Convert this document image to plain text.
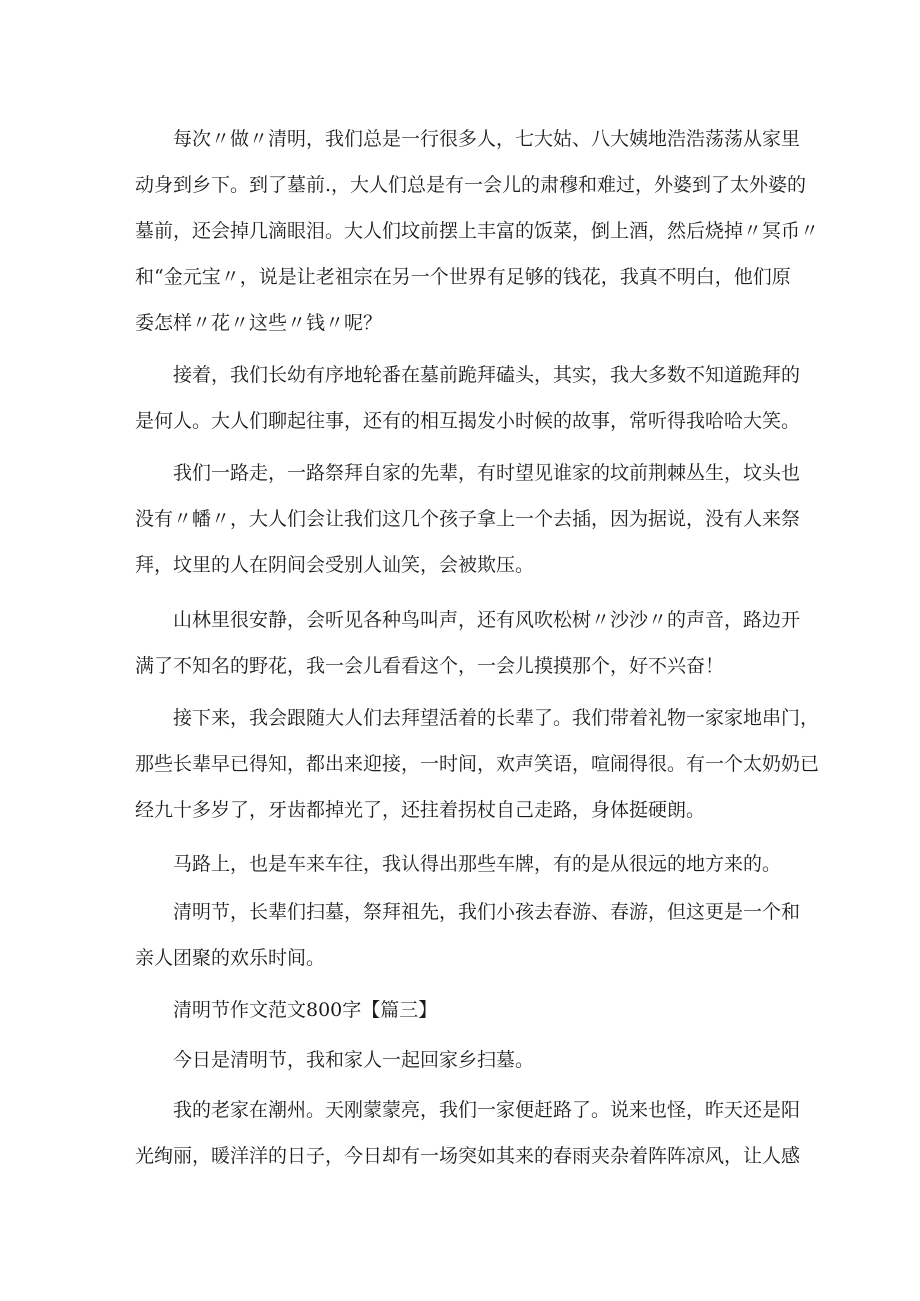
每次〃做〃清明，我们总是一行很多人，七大姑、八大姨地浩浩荡荡从家里
动身到乡下。到了墓前.，大人们总是有一会儿的肃穆和难过，外婆到了太外婆的
墓前，还会掉几滴眼泪。大人们坟前摆上丰富的饭菜，倒上酒，然后烧掉〃冥币〃
和“金元宝〃，说是让老祖宗在另一个世界有足够的钱花，我真不明白，他们原
委怎样〃花〃这些〃钱〃呢？

接着，我们长幼有序地轮番在墓前跪拜磕头，其实，我大多数不知道跪拜的
是何人。大人们聊起往事，还有的相互揭发小时候的故事，常听得我哈哈大笑。

我们一路走，一路祭拜自家的先辈，有时望见谁家的坟前荆棘丛生，坟头也
没有〃幡〃，大人们会让我们这几个孩子拿上一个去插，因为据说，没有人来祭
拜，坟里的人在阴间会受别人讪笑，会被欺压。

山林里很安静，会听见各种鸟叫声，还有风吹松树〃沙沙〃的声音，路边开
满了不知名的野花，我一会儿看看这个，一会儿摸摸那个，好不兴奋！

接下来，我会跟随大人们去拜望活着的长辈了。我们带着礼物一家家地串门，
那些长辈早已得知，都出来迎接，一时间，欢声笑语，喧闹得很。有一个太奶奶已
经九十多岁了，牙齿都掉光了，还拄着拐杖自己走路，身体挺硬朗。

马路上，也是车来车往，我认得出那些车牌，有的是从很远的地方来的。

清明节，长辈们扫墓，祭拜祖先，我们小孩去春游、春游，但这更是一个和
亲人团聚的欢乐时间。

清明节作文范文800字【篇三】

今日是清明节，我和家人一起回家乡扫墓。

我的老家在潮州。天刚蒙蒙亮，我们一家便赶路了。说来也怪，昨天还是阳
光绚丽，暖洋洋的日子，今日却有一场突如其来的春雨夹杂着阵阵凉风，让人感
